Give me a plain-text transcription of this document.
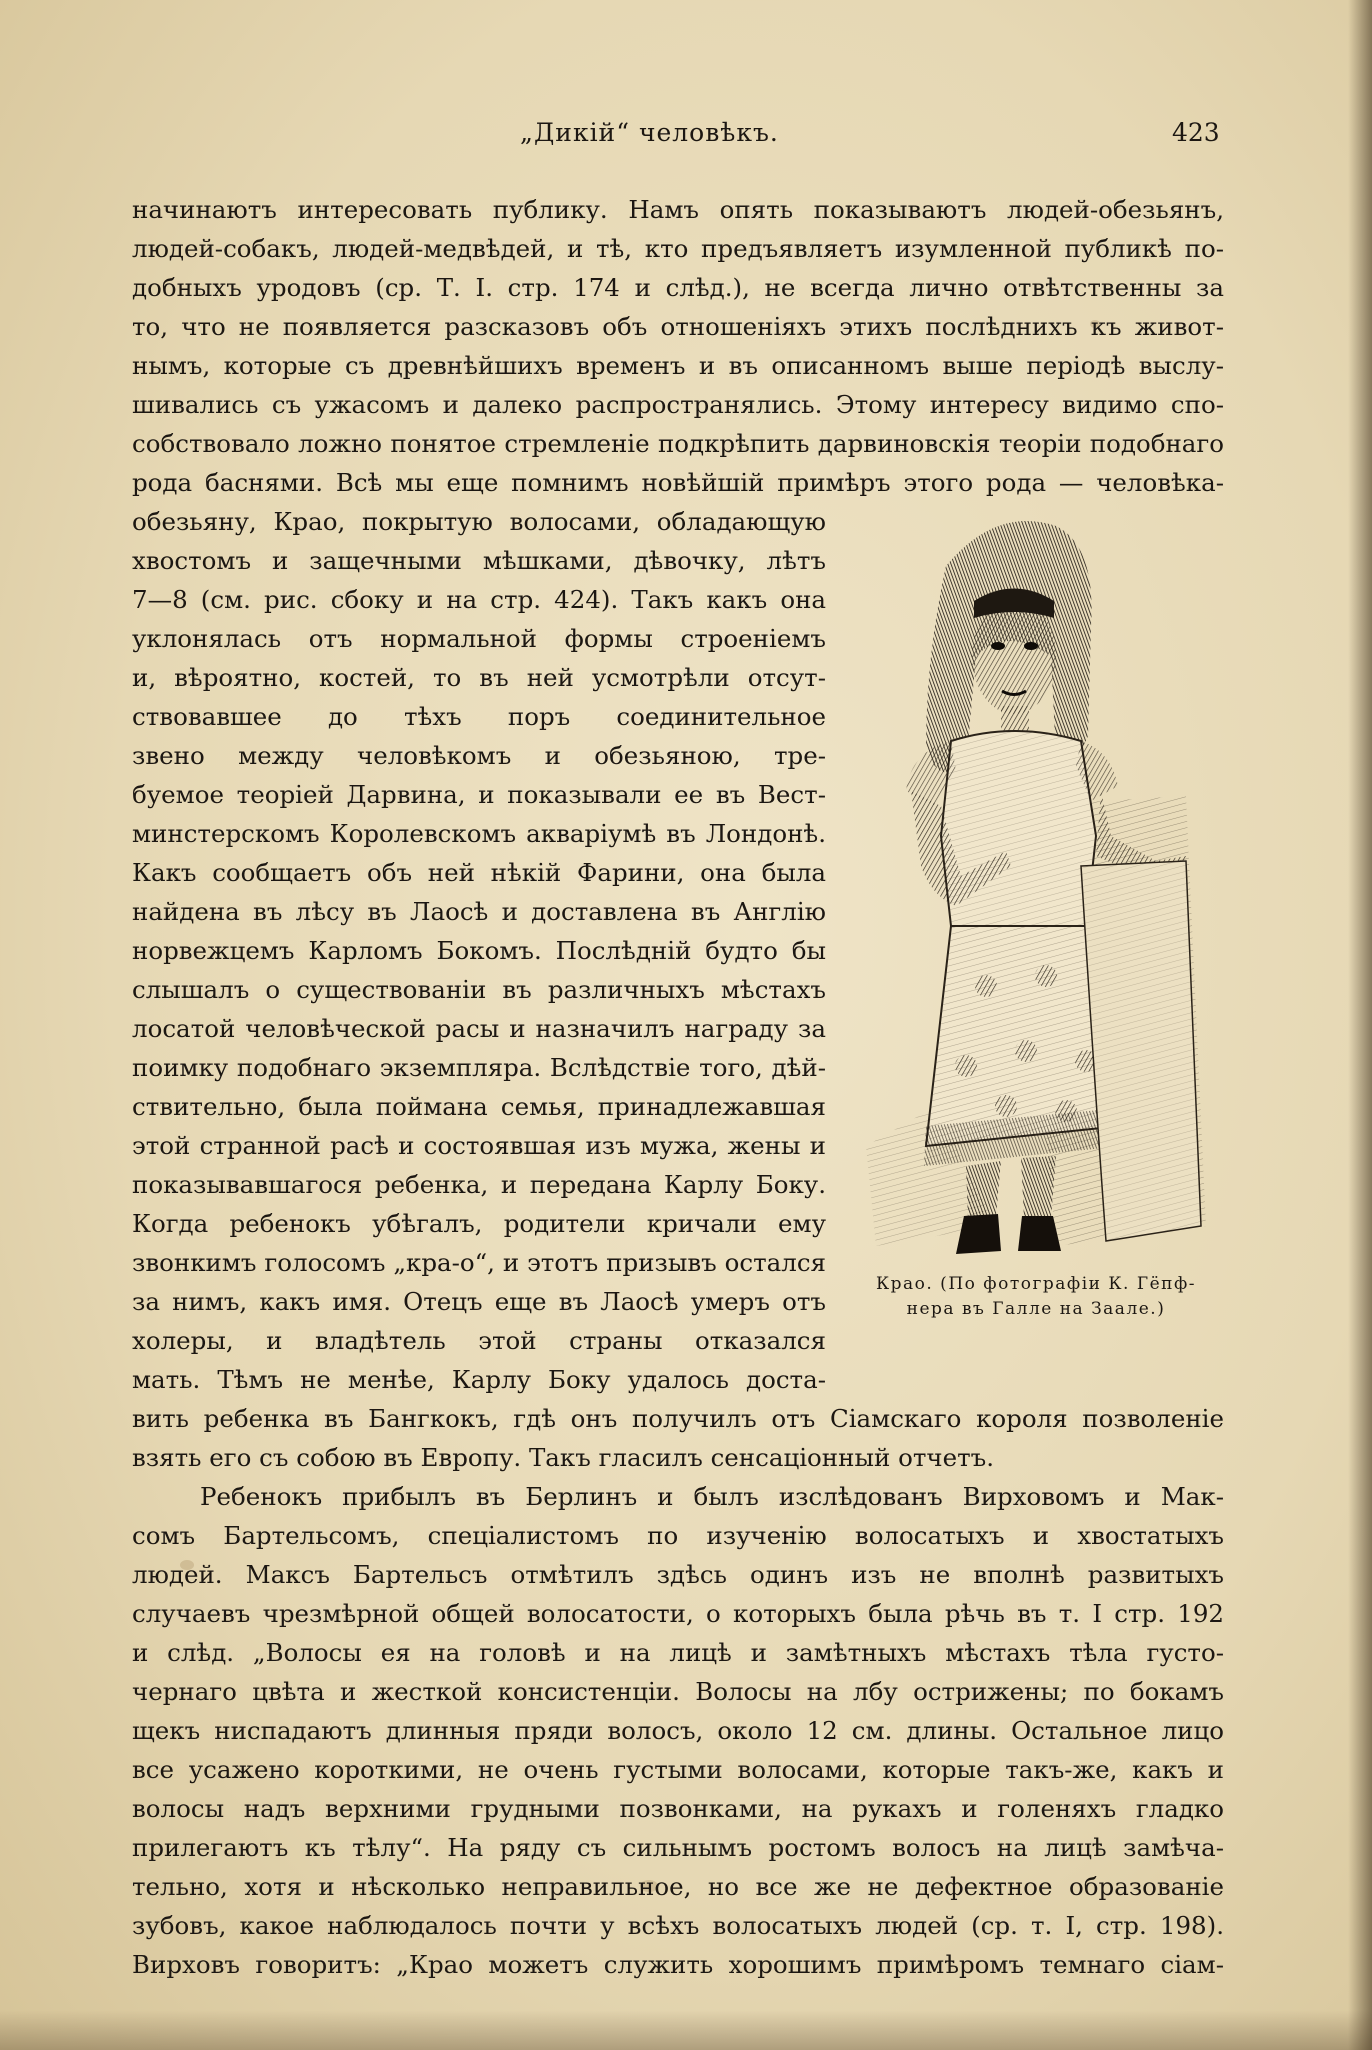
„Дикій“ человѣкъ.	423
начинаютъ интересовать публику. Намъ опять показываютъ людей-обезьянъ,
людей-собакъ, людей-медвѣдей, и тѣ, кто предъявляетъ изумленной публикѣ по-
добныхъ уродовъ (ср. Т. I. стр. 174 и слѣд.), не всегда лично отвѣтственны за
то, что не появляется разсказовъ объ отношеніяхъ этихъ послѣднихъ къ живот-
нымъ, которые съ древнѣйшихъ временъ и въ описанномъ выше періодѣ выслу-
шивались съ ужасомъ и далеко распространялись. Этому интересу видимо спо-
собствовало ложно понятое стремленіе подкрѣпить дарвиновскія теоріи подобнаго
рода баснями. Всѣ мы еще помнимъ новѣйшій примѣръ этого рода — человѣка-
Крао. (По фотографіи К. Гёпф-
нера въ Галле на Заале.)
обезьяну, Крао, покрытую волосами, обладающую
хвостомъ и защечными мѣшками, дѣвочку, лѣтъ
7—8 (см. рис. сбоку и на стр. 424). Такъ какъ она
уклонялась отъ нормальной формы строеніемъ
и, вѣроятно, костей, то въ ней усмотрѣли отсут-
ствовавшее до тѣхъ поръ соединительное
звено между человѣкомъ и обезьяною, тре-
буемое теоріей Дарвина, и показывали ее въ Вест-
минстерскомъ Королевскомъ акваріумѣ въ Лондонѣ.
Какъ сообщаетъ объ ней нѣкій Фарини, она была
найдена въ лѣсу въ Лаосѣ и доставлена въ Англію
норвежцемъ Карломъ Бокомъ. Послѣдній будто бы
слышалъ о существованіи въ различныхъ мѣстахъ
лосатой человѣческой расы и назначилъ награду за
поимку подобнаго экземпляра. Вслѣдствіе того, дѣй-
ствительно, была поймана семья, принадлежавшая
этой странной расѣ и состоявшая изъ мужа, жены и
показывавшагося ребенка, и передана Карлу Боку.
Когда ребенокъ убѣгалъ, родители кричали ему
звонкимъ голосомъ „кра-о“, и этотъ призывъ остался
за нимъ, какъ имя. Отецъ еще въ Лаосѣ умеръ отъ
холеры, и владѣтель этой страны отказался
мать. Тѣмъ не менѣе, Карлу Боку удалось доста-
вить ребенка въ Бангкокъ, гдѣ онъ получилъ отъ Сіамскаго короля позволеніе
взять его съ собою въ Европу. Такъ гласилъ сенсаціонный отчетъ.
Ребенокъ прибылъ въ Берлинъ и былъ изслѣдованъ Вирховомъ и Мак-
сомъ Бартельсомъ, спеціалистомъ по изученію волосатыхъ и хвостатыхъ
людей. Максъ Бартельсъ отмѣтилъ здѣсь одинъ изъ не вполнѣ развитыхъ
случаевъ чрезмѣрной общей волосатости, о которыхъ была рѣчь въ т. I стр. 192
и слѣд. „Волосы ея на головѣ и на лицѣ и замѣтныхъ мѣстахъ тѣла густо-
чернаго цвѣта и жесткой консистенціи. Волосы на лбу острижены; по бокамъ
щекъ ниспадаютъ длинныя пряди волосъ, около 12 см. длины. Остальное лицо
все усажено короткими, не очень густыми волосами, которые такъ-же, какъ и
волосы надъ верхними грудными позвонками, на рукахъ и голеняхъ гладко
прилегаютъ къ тѣлу“. На ряду съ сильнымъ ростомъ волосъ на лицѣ замѣча-
тельно, хотя и нѣсколько неправильное, но все же не дефектное образованіе
зубовъ, какое наблюдалось почти у всѣхъ волосатыхъ людей (ср. т. I, стр. 198).
Вирховъ говоритъ: „Крао можетъ служить хорошимъ примѣромъ темнаго сіам-
